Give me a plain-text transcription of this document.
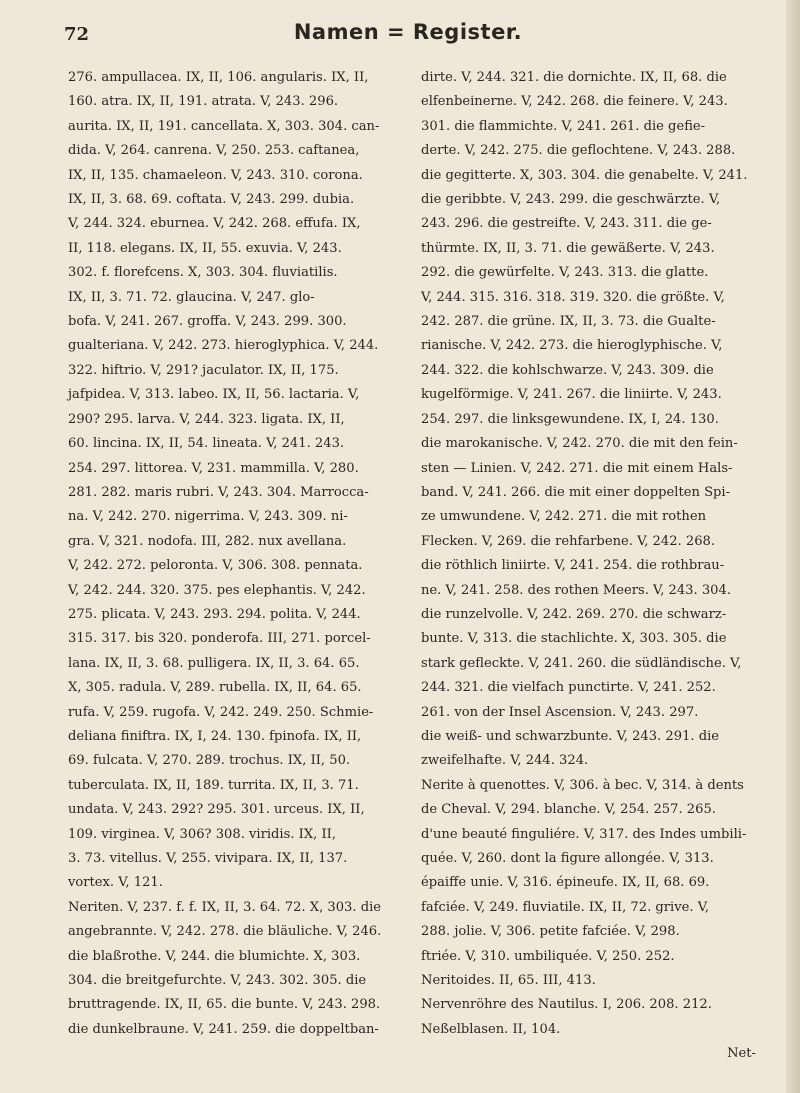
72	Namen = Register.
276. ampullacea. IX, II, 106. angularis. IX, II,
160. atra. IX, II, 191. atrata. V, 243. 296.
aurita. IX, II, 191. cancellata. X, 303. 304. can-
dida. V, 264. canrena. V, 250. 253. caftanea,
IX, II, 135. chamaeleon. V, 243. 310. corona.
IX, II, 3. 68. 69. coftata. V, 243. 299. dubia.
V, 244. 324. eburnea. V, 242. 268. effufa. IX,
II, 118. elegans. IX, II, 55. exuvia. V, 243.
302. f. florefcens. X, 303. 304. fluviatilis.
IX, II, 3. 71. 72. glaucina. V, 247. glo-
bofa. V, 241. 267. groffa. V, 243. 299. 300.
gualteriana. V, 242. 273. hieroglyphica. V, 244.
322. hiftrio. V, 291? jaculator. IX, II, 175.
jafpidea. V, 313. labeo. IX, II, 56. lactaria. V,
290? 295. larva. V, 244. 323. ligata. IX, II,
60. lincina. IX, II, 54. lineata. V, 241. 243.
254. 297. littorea. V, 231. mammilla. V, 280.
281. 282. maris rubri. V, 243. 304. Marrocca-
na. V, 242. 270. nigerrima. V, 243. 309. ni-
gra. V, 321. nodofa. III, 282. nux avellana.
V, 242. 272. peloronta. V, 306. 308. pennata.
V, 242. 244. 320. 375. pes elephantis. V, 242.
275. plicata. V, 243. 293. 294. polita. V, 244.
315. 317. bis 320. ponderofa. III, 271. porcel-
lana. IX, II, 3. 68. pulligera. IX, II, 3. 64. 65.
X, 305. radula. V, 289. rubella. IX, II, 64. 65.
rufa. V, 259. rugofa. V, 242. 249. 250. Schmie-
deliana finiftra. IX, I, 24. 130. fpinofa. IX, II,
69. fulcata. V, 270. 289. trochus. IX, II, 50.
tuberculata. IX, II, 189. turrita. IX, II, 3. 71.
undata. V, 243. 292? 295. 301. urceus. IX, II,
109. virginea. V, 306? 308. viridis. IX, II,
3. 73. vitellus. V, 255. vivipara. IX, II, 137.
vortex. V, 121.
Neriten. V, 237. f. f. IX, II, 3. 64. 72. X, 303. die
angebrannte. V, 242. 278. die bläuliche. V, 246.
die blaßrothe. V, 244. die blumichte. X, 303.
304. die breitgefurchte. V, 243. 302. 305. die
bruttragende. IX, II, 65. die bunte. V, 243. 298.
die dunkelbraune. V, 241. 259. die doppeltban-
dirte. V, 244. 321. die dornichte. IX, II, 68. die
elfenbeinerne. V, 242. 268. die feinere. V, 243.
301. die flammichte. V, 241. 261. die gefie-
derte. V, 242. 275. die geflochtene. V, 243. 288.
die gegitterte. X, 303. 304. die genabelte. V, 241.
die geribbte. V, 243. 299. die geschwärzte. V,
243. 296. die gestreifte. V, 243. 311. die ge-
thürmte. IX, II, 3. 71. die gewäßerte. V, 243.
292. die gewürfelte. V, 243. 313. die glatte.
V, 244. 315. 316. 318. 319. 320. die größte. V,
242. 287. die grüne. IX, II, 3. 73. die Gualte-
rianische. V, 242. 273. die hieroglyphische. V,
244. 322. die kohlschwarze. V, 243. 309. die
kugelförmige. V, 241. 267. die liniirte. V, 243.
254. 297. die linksgewundene. IX, I, 24. 130.
die marokanische. V, 242. 270. die mit den fein-
sten — Linien. V, 242. 271. die mit einem Hals-
band. V, 241. 266. die mit einer doppelten Spi-
ze umwundene. V, 242. 271. die mit rothen
Flecken. V, 269. die rehfarbene. V, 242. 268.
die röthlich liniirte. V, 241. 254. die rothbrau-
ne. V, 241. 258. des rothen Meers. V, 243. 304.
die runzelvolle. V, 242. 269. 270. die schwarz-
bunte. V, 313. die stachlichte. X, 303. 305. die
stark gefleckte. V, 241. 260. die südländische. V,
244. 321. die vielfach punctirte. V, 241. 252.
261. von der Insel Ascension. V, 243. 297.
die weiß- und schwarzbunte. V, 243. 291. die
zweifelhafte. V, 244. 324.
Nerite à quenottes. V, 306. à bec. V, 314. à dents
de Cheval. V, 294. blanche. V, 254. 257. 265.
d'une beauté finguliére. V, 317. des Indes umbili-
quée. V, 260. dont la figure allongée. V, 313.
épaiffe unie. V, 316. épineufe. IX, II, 68. 69.
fafciée. V, 249. fluviatile. IX, II, 72. grive. V,
288. jolie. V, 306. petite fafciée. V, 298.
ftriée. V, 310. umbiliquée. V, 250. 252.
Neritoides. II, 65. III, 413.
Nervenröhre des Nautilus. I, 206. 208. 212.
Neßelblasen. II, 104.
Net-
